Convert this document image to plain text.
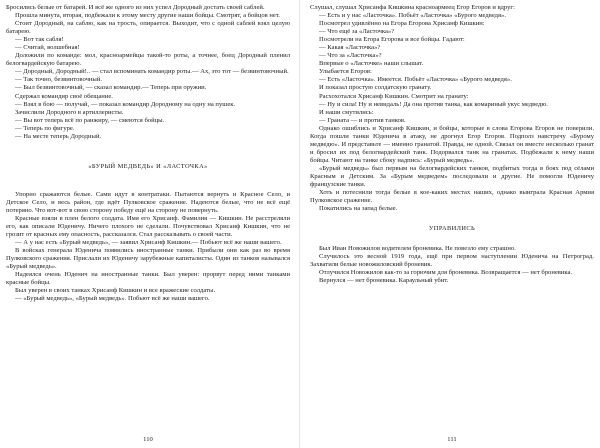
Бросились белые от батарей. И всё же одного из них успел Дородный достать своей саблей.

Прошла минута, вторая, подбежали к этому месту другие наши бойцы. Смотрят, а бойцов нет.

Стоит Дородный, на саблю, как на трость, опирается. Выходит, что с одной саблей взял целую батарею.

— Вот так сабля!

— Считай, волшебная!

Доложили по команде: мол, красноармейцы такой-то роты, а точнее, боец Дородный пленил белогвардейскую батарею.

— Дородный, Дородный!.. — стал вспоминать командир роты.— Ах, это тот — безвинтовочный.

— Так точно, безвинтовочный.

— Был безвинтовочный, — сказал командир.— Теперь при оружии.

Сдержал командир своё обещание.

— Взял в бою — получай, — показал командир Дородному на одну на пушек.

Зачислили Дородного в артиллеристы.

— Вы вот теперь всё по ранжиру, — смеются бойцы.

— Теперь по фигуре.

— На месте теперь Дородный.

«БУРЫЙ МЕДВЕДЬ» И «ЛАСТОЧКА»

Упорно сражаются белые. Сами идут в контратаки. Пытаются вернуть и Красное Село, и Детское Село, и весь район, где идёт Пулковское сражение. Надеются белые, что не всё ещё потеряно. Что вот-вот в свою сторону победу ещё на сторону не повернуть.

Красные взяли в плен белого солдата. Имя его Хрисанф. Фамилия — Кишкин. Не расстреляли его, как описали Юденичу. Ничего плохого не сделали. Почувствовал Хрисанф Кишкин, что не грозит от красных ему опасность, рассказался. Стал рассказывать о своей части.

— А у нас есть «Бурый медведь», — заявил Хрисанф Кишкин.— Побьют всё же наши вашего.

В войсках генерала Юденича появились иностранные танки. Прибыли они как раз во время Пулковского сражения. Прислали их Юденичу зарубежные капиталисты. Один из танков назывался «Бурый медведь».

Надеялся очень Юденич на иностранные танки. Был уверен: прорвут перед ними танками красные бойцы.

Был уверен в своих танках Хрисанф Кишкин и все вражеские солдаты.

— «Бурый медведь», «Бурый медведь». Побьют всё же наши вашего.

110

Слушал, слушал Хрисанфа Кишкина красноармеец Егор Егоров и вдруг:

— Есть и у нас «Ласточка». Побьёт «Ласточка» «Бурого медведя».

Посмотрел удивлённо на Егора Егорова Хрисанф Кишкин:

— Что ещё за «Ласточка»?

Посмотрели на Егора Егорова и все бойцы. Гадают:

— Какая «Ласточка»?

— Что за «Ласточка»?

Впервые о «Ласточке» наши слышат.

Улыбается Егоров:

— Есть «Ласточка». Имеется. Побьёт «Ласточка» «Бурого медведя».

И показал простую солдатскую гранату.

Расхохотался Хрисанф Кишкин. Смотрит на гранату:

— Ну и сила! Ну и невидаль! Да она против танка, как комариный укус медведю.

И наши смутились:

— Граната — и против танков.

Однако ошиблись и Хрисанф Кишкин, и бойцы, которые в слова Егорова Егоров не поверили. Когда пошли танки Юденича в атаку, не дрогнул Егор Егоров. Подполз навстречу «Бурому медведю». И представьте — именно гранатой. Правда, не одной. Связал он вместе несколько гранат и бросил их под белогвардейский танк. Подорвался танк на гранатах. Подбежали к нему наши бойцы. Читают на танке сбоку надпись: «Бурый медведь».

«Бурый медведь» был первым на белогвардейских танков, подбитых тогда в боях под сёлами Красным и Детским. За «Бурым медведем» последовали и другие. Не помогли Юденичу французские танки.

Хоть и потеснили тогда белые в кое-каких местах наших, однако выиграла Красная Армия Пулковское сражение.

Покатились на запад белые.

УПРАВИЛИСЬ

Был Иван Новожилов водителем броневика. Не повезло ему страшно.

Случилось это весной 1919 года, ещё при первом наступлении Юденича на Петроград. Захватили белые новожиловский броневик.

Отлучился Новожилов как-то за горючим для броневика. Возвращается — нет броневика.

Вернулся — нет броневика. Караульный убит.

111
